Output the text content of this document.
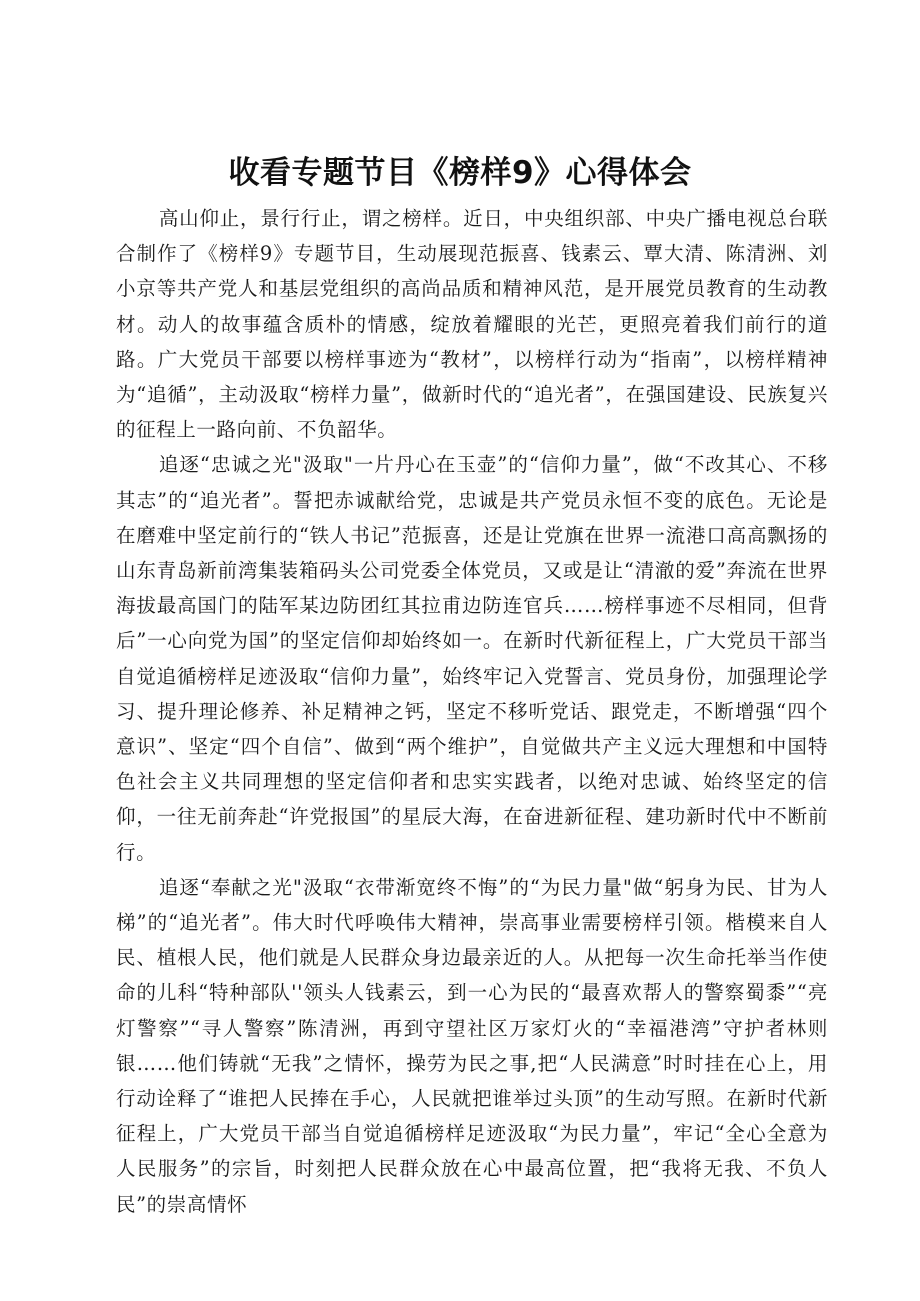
收看专题节目《榜样9》心得体会

高山仰止，景行行止，谓之榜样。近日，中央组织部、中央广播电视总台联合制作了《榜样9》专题节目，生动展现范振喜、钱素云、覃大清、陈清洲、刘小京等共产党人和基层党组织的高尚品质和精神风范，是开展党员教育的生动教材。动人的故事蕴含质朴的情感，绽放着耀眼的光芒，更照亮着我们前行的道路。广大党员干部要以榜样事迹为“教材”，以榜样行动为“指南”，以榜样精神为“追循”，主动汲取“榜样力量”，做新时代的“追光者”，在强国建设、民族复兴的征程上一路向前、不负韶华。

追逐“忠诚之光"汲取"一片丹心在玉壶”的“信仰力量”，做“不改其心、不移其志”的“追光者”。誓把赤诚献给党，忠诚是共产党员永恒不变的底色。无论是在磨难中坚定前行的“铁人书记”范振喜，还是让党旗在世界一流港口高高飘扬的山东青岛新前湾集装箱码头公司党委全体党员，又或是让“清澈的爱”奔流在世界海拔最高国门的陆军某边防团红其拉甫边防连官兵……榜样事迹不尽相同，但背后”一心向党为国”的坚定信仰却始终如一。在新时代新征程上，广大党员干部当自觉追循榜样足迹汲取“信仰力量”，始终牢记入党誓言、党员身份，加强理论学习、提升理论修养、补足精神之钙，坚定不移听党话、跟党走，不断增强“四个意识”、坚定“四个自信”、做到“两个维护”，自觉做共产主义远大理想和中国特色社会主义共同理想的坚定信仰者和忠实实践者，以绝对忠诚、始终坚定的信仰，一往无前奔赴“许党报国”的星辰大海，在奋进新征程、建功新时代中不断前行。

追逐“奉献之光"汲取“衣带渐宽终不悔”的“为民力量"做“躬身为民、甘为人梯”的“追光者”。伟大时代呼唤伟大精神，崇高事业需要榜样引领。楷模来自人民、植根人民，他们就是人民群众身边最亲近的人。从把每一次生命托举当作使命的儿科“特种部队''领头人钱素云，到一心为民的“最喜欢帮人的警察蜀黍”“亮灯警察”“寻人警察”陈清洲，再到守望社区万家灯火的“幸福港湾”守护者林则银……他们铸就“无我”之情怀，操劳为民之事,把“人民满意”时时挂在心上，用行动诠释了“谁把人民捧在手心，人民就把谁举过头顶”的生动写照。在新时代新征程上，广大党员干部当自觉追循榜样足迹汲取“为民力量”，牢记“全心全意为人民服务”的宗旨，时刻把人民群众放在心中最高位置，把“我将无我、不负人民”的崇高情怀
